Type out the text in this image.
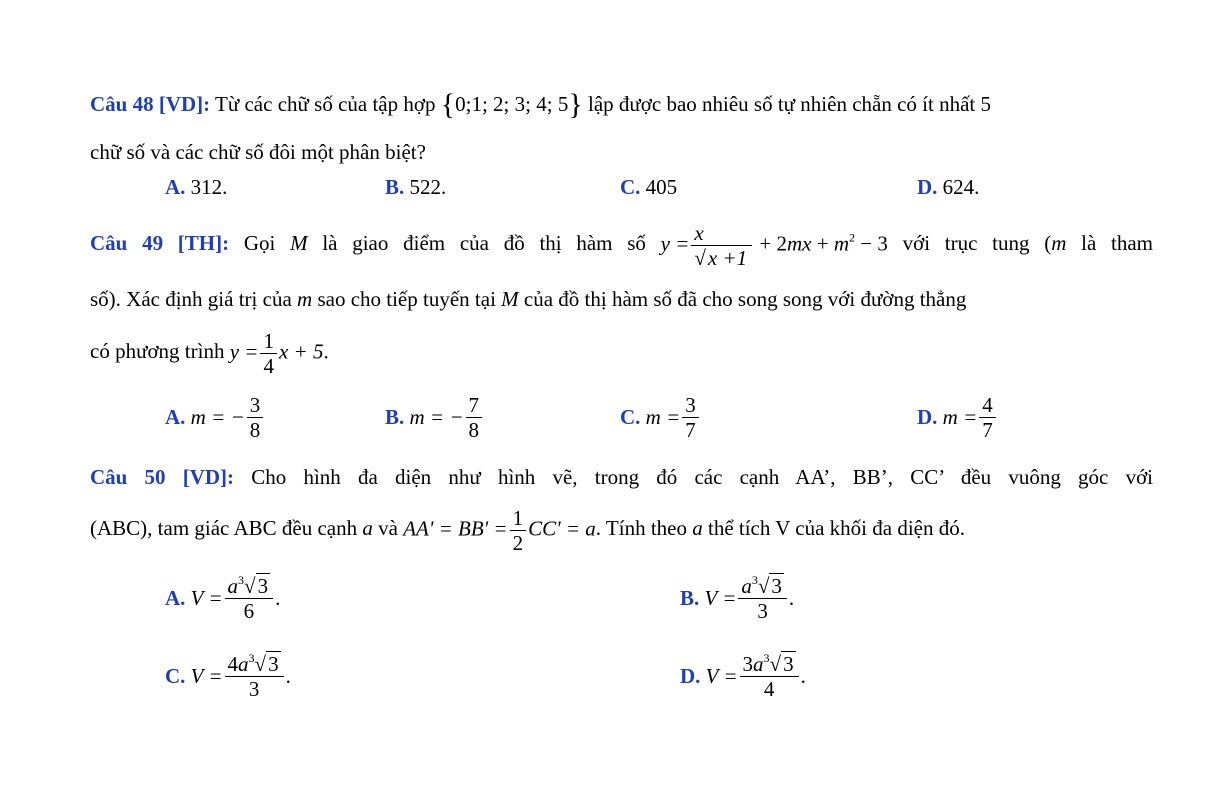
Câu 48 [VD]: Từ các chữ số của tập hợp {0;1; 2; 3; 4; 5} lập được bao nhiêu số tự nhiên chẵn có ít nhất 5
chữ số và các chữ số đôi một phân biệt?
A. 312.	B. 522.	C. 405	D. 624.
Câu 49 [TH]: Gọi M là giao điểm của đồ thị hàm số $y = \frac{x}{√x +1} + 2mx + m^2 - 3$ với trục tung (m là tham
số). Xác định giá trị của m sao cho tiếp tuyến tại M của đồ thị hàm số đã cho song song với đường thẳng
có phương trình $y = \frac{1}{4}$ x + 5.
A. m = − $\frac{3}{8}$	B. m = − $\frac{7}{8}$	C. $m = \frac{3}{7}$	D. $m = \frac{4}{7}$
Câu 50 [VD]: Cho hình đa diện như hình vẽ, trong đó các cạnh AA’, BB’, CC’ đều vuông góc với
(ABC), tam giác ABC đều cạnh a và $AA' = BB' = \frac{1}{2} CC' = a$. Tính theo a thể tích V của khối đa diện đó.
A. $V = \frac{a^3√3}{6}$ .	B. $V = \frac{a^3√3}{3}$ .
C. $V = \frac{4a^3√3}{3}$ .	D. $V = \frac{3a^3√3}{4}$ .
